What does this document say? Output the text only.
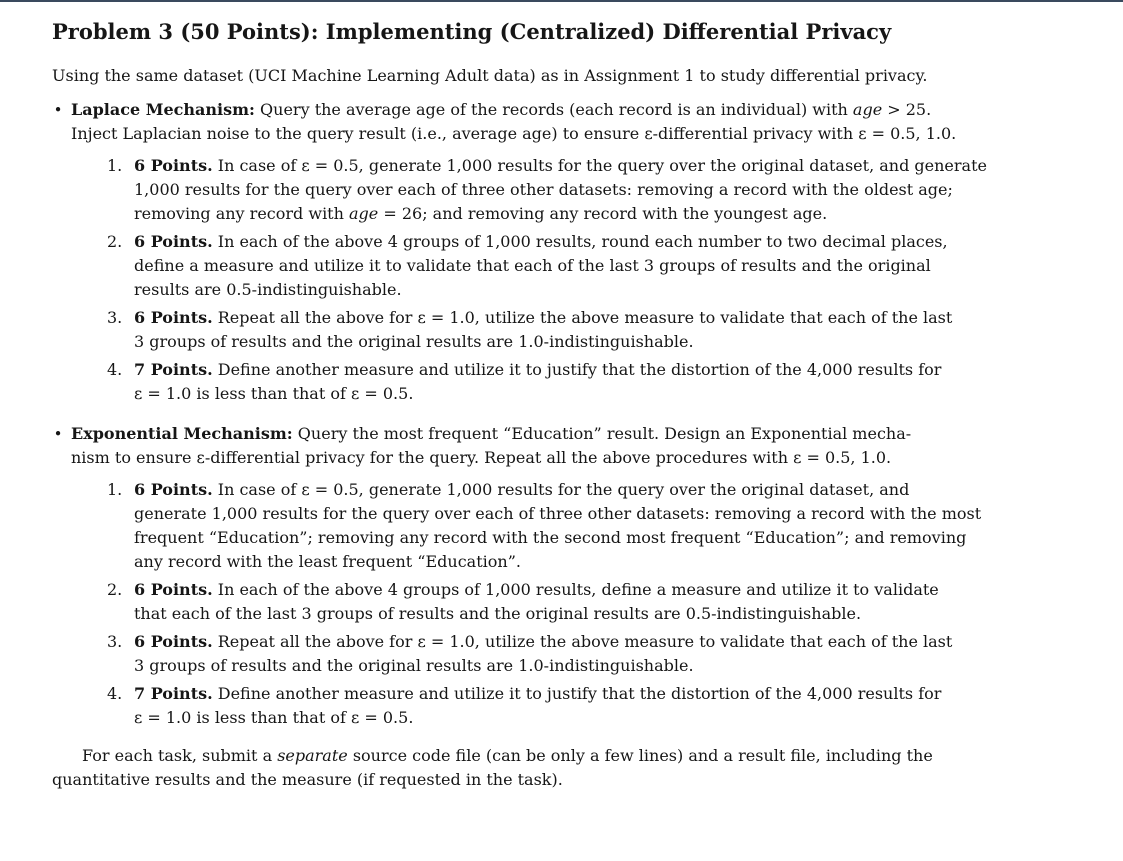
Problem 3 (50 Points): Implementing (Centralized) Differential Privacy

Using the same dataset (UCI Machine Learning Adult data) as in Assignment 1 to study differential privacy.

• Laplace Mechanism: Query the average age of the records (each record is an individual) with age > 25.
Inject Laplacian noise to the query result (i.e., average age) to ensure ε-differential privacy with ε = 0.5, 1.0.
1. 6 Points. In case of ε = 0.5, generate 1,000 results for the query over the original dataset, and generate
1,000 results for the query over each of three other datasets: removing a record with the oldest age;
removing any record with age = 26; and removing any record with the youngest age.
2. 6 Points. In each of the above 4 groups of 1,000 results, round each number to two decimal places,
define a measure and utilize it to validate that each of the last 3 groups of results and the original
results are 0.5-indistinguishable.
3. 6 Points. Repeat all the above for ε = 1.0, utilize the above measure to validate that each of the last
3 groups of results and the original results are 1.0-indistinguishable.
4. 7 Points. Define another measure and utilize it to justify that the distortion of the 4,000 results for
ε = 1.0 is less than that of ε = 0.5.
• Exponential Mechanism: Query the most frequent “Education” result. Design an Exponential mecha-
nism to ensure ε-differential privacy for the query. Repeat all the above procedures with ε = 0.5, 1.0.
1. 6 Points. In case of ε = 0.5, generate 1,000 results for the query over the original dataset, and
generate 1,000 results for the query over each of three other datasets: removing a record with the most
frequent “Education”; removing any record with the second most frequent “Education”; and removing
any record with the least frequent “Education”.
2. 6 Points. In each of the above 4 groups of 1,000 results, define a measure and utilize it to validate
that each of the last 3 groups of results and the original results are 0.5-indistinguishable.
3. 6 Points. Repeat all the above for ε = 1.0, utilize the above measure to validate that each of the last
3 groups of results and the original results are 1.0-indistinguishable.
4. 7 Points. Define another measure and utilize it to justify that the distortion of the 4,000 results for
ε = 1.0 is less than that of ε = 0.5.
For each task, submit a separate source code file (can be only a few lines) and a result file, including the
quantitative results and the measure (if requested in the task).
